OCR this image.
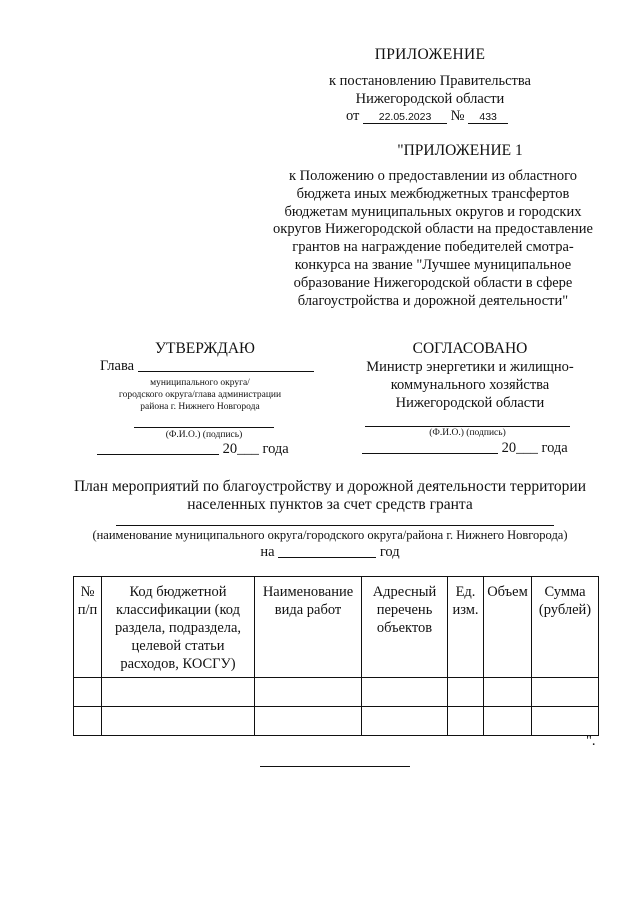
ПРИЛОЖЕНИЕ
к постановлению Правительства
Нижегородской области
от 22.05.2023 № 433
"ПРИЛОЖЕНИЕ 1
к Положению о предоставлении из областного
бюджета иных межбюджетных трансфертов
бюджетам муниципальных округов и городских
округов Нижегородской области на предоставление
грантов на награждение победителей смотра-
конкурса на звание "Лучшее муниципальное
образование Нижегородской области в сфере
благоустройства и дорожной деятельности"
УТВЕРЖДАЮ
Глава
муниципального округа/
городского округа/глава администрации
района г. Нижнего Новгорода
(Ф.И.О.) (подпись)
20___ года
СОГЛАСОВАНО
Министр энергетики и жилищно-
коммунального хозяйства
Нижегородской области
(Ф.И.О.) (подпись)
20___ года
План мероприятий по благоустройству и дорожной деятельности территории
населенных пунктов за счет средств гранта
(наименование муниципального округа/городского округа/района г. Нижнего Новгорода)
на	год
№ п/п	Код бюджетной классификации (код раздела, подраздела, целевой статьи расходов, КОСГУ)	Наименование вида работ	Адресный перечень объектов	Ед. изм.	Объем	Сумма (рублей)

".
